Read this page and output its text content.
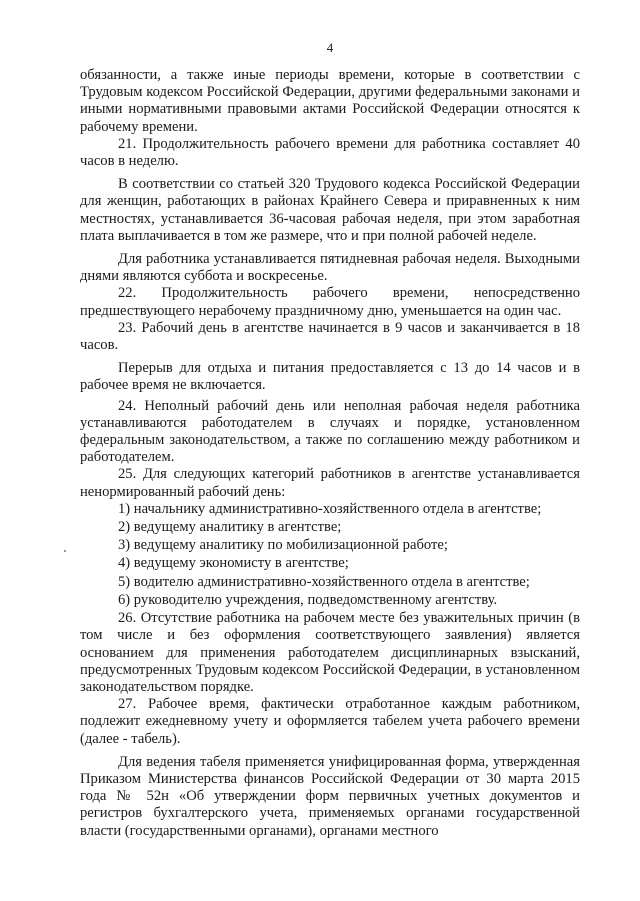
4

обязанности, а также иные периоды времени, которые в соответствии с Трудовым кодексом Российской Федерации, другими федеральными законами и иными нормативными правовыми актами Российской Федерации относятся к рабочему времени.

21. Продолжительность рабочего времени для работника составляет 40 часов в неделю.

В соответствии со статьей 320 Трудового кодекса Российской Федерации для женщин, работающих в районах Крайнего Севера и приравненных к ним местностях, устанавливается 36-часовая рабочая неделя, при этом заработная плата выплачивается в том же размере, что и при полной рабочей неделе.

Для работника устанавливается пятидневная рабочая неделя. Выходными днями являются суббота и воскресенье.

22. Продолжительность рабочего времени, непосредственно предшествующего нерабочему праздничному дню, уменьшается на один час.

23. Рабочий день в агентстве начинается в 9 часов и заканчивается в 18 часов.

Перерыв для отдыха и питания предоставляется с 13 до 14 часов и в рабочее время не включается.

24. Неполный рабочий день или неполная рабочая неделя работника устанавливаются работодателем в случаях и порядке, установленном федеральным законодательством, а также по соглашению между работником и работодателем.

25. Для следующих категорий работников в агентстве устанавливается ненормированный рабочий день:

1) начальнику административно-хозяйственного отдела в агентстве;

2) ведущему аналитику в агентстве;

3) ведущему аналитику по мобилизационной работе;

4) ведущему экономисту в агентстве;

5) водителю административно-хозяйственного отдела в агентстве;

6) руководителю учреждения, подведомственному агентству.

26. Отсутствие работника на рабочем месте без уважительных причин (в том числе и без оформления соответствующего заявления) является основанием для применения работодателем дисциплинарных взысканий, предусмотренных Трудовым кодексом Российской Федерации, в установленном законодательством порядке.

27. Рабочее время, фактически отработанное каждым работником, подлежит ежедневному учету и оформляется табелем учета рабочего времени (далее - табель).

Для ведения табеля применяется унифицированная форма, утвержденная Приказом Министерства финансов Российской Федерации от 30 марта 2015 года № 52н «Об утверждении форм первичных учетных документов и регистров бухгалтерского учета, применяемых органами государственной власти (государственными органами), органами местного
